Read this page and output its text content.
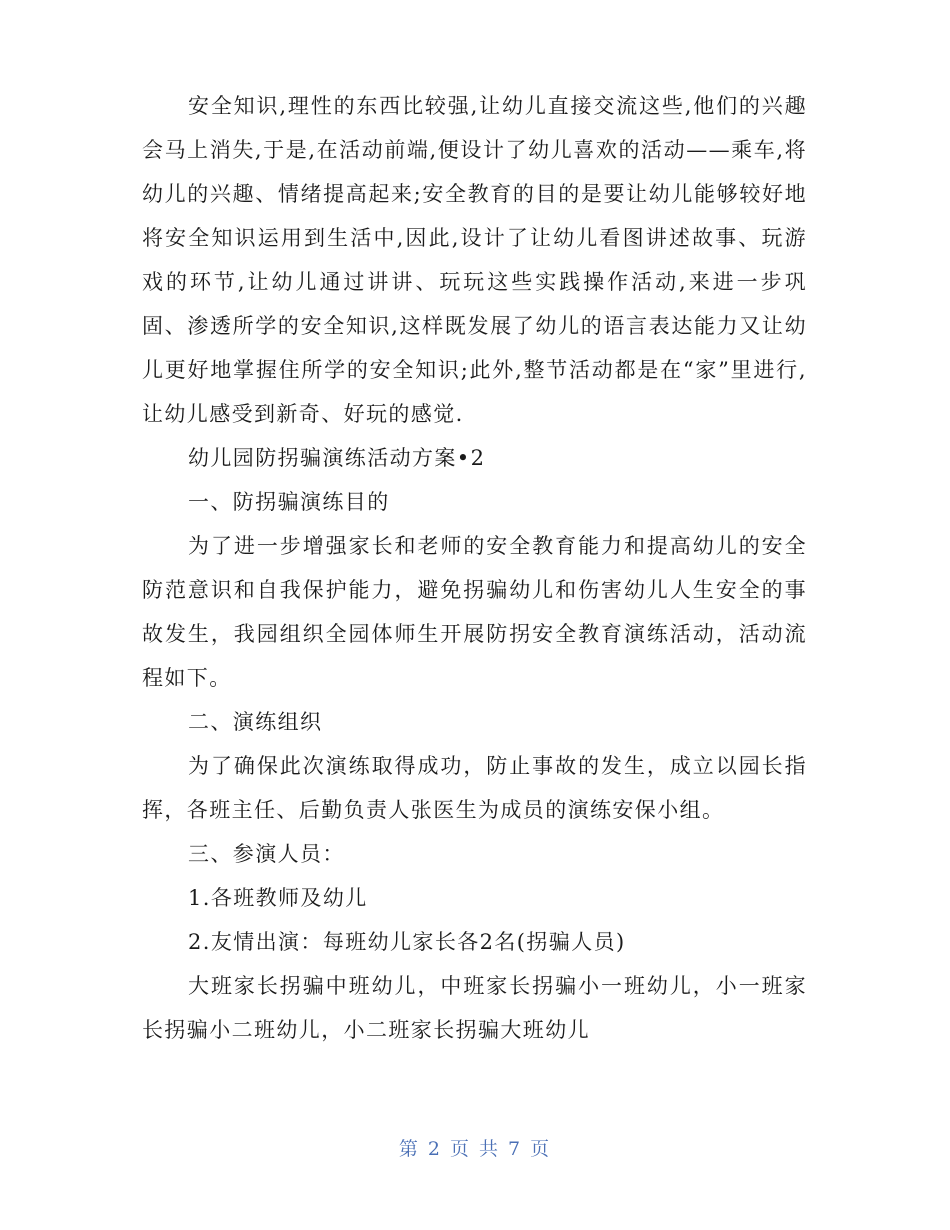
安全知识,理性的东西比较强,让幼儿直接交流这些,他们的兴趣会马上消失,于是,在活动前端,便设计了幼儿喜欢的活动——乘车,将幼儿的兴趣、情绪提高起来;安全教育的目的是要让幼儿能够较好地将安全知识运用到生活中,因此,设计了让幼儿看图讲述故事、玩游戏的环节,让幼儿通过讲讲、玩玩这些实践操作活动,来进一步巩固、渗透所学的安全知识,这样既发展了幼儿的语言表达能力又让幼儿更好地掌握住所学的安全知识;此外,整节活动都是在“家”里进行,让幼儿感受到新奇、好玩的感觉.

幼儿园防拐骗演练活动方案•2

一、防拐骗演练目的

为了进一步增强家长和老师的安全教育能力和提高幼儿的安全防范意识和自我保护能力，避免拐骗幼儿和伤害幼儿人生安全的事故发生，我园组织全园体师生开展防拐安全教育演练活动，活动流程如下。

二、演练组织

为了确保此次演练取得成功，防止事故的发生，成立以园长指挥，各班主任、后勤负责人张医生为成员的演练安保小组。

三、参演人员：

1.各班教师及幼儿

2.友情出演：每班幼儿家长各2名(拐骗人员)

大班家长拐骗中班幼儿，中班家长拐骗小一班幼儿，小一班家长拐骗小二班幼儿，小二班家长拐骗大班幼儿

第 2 页 共 7 页
